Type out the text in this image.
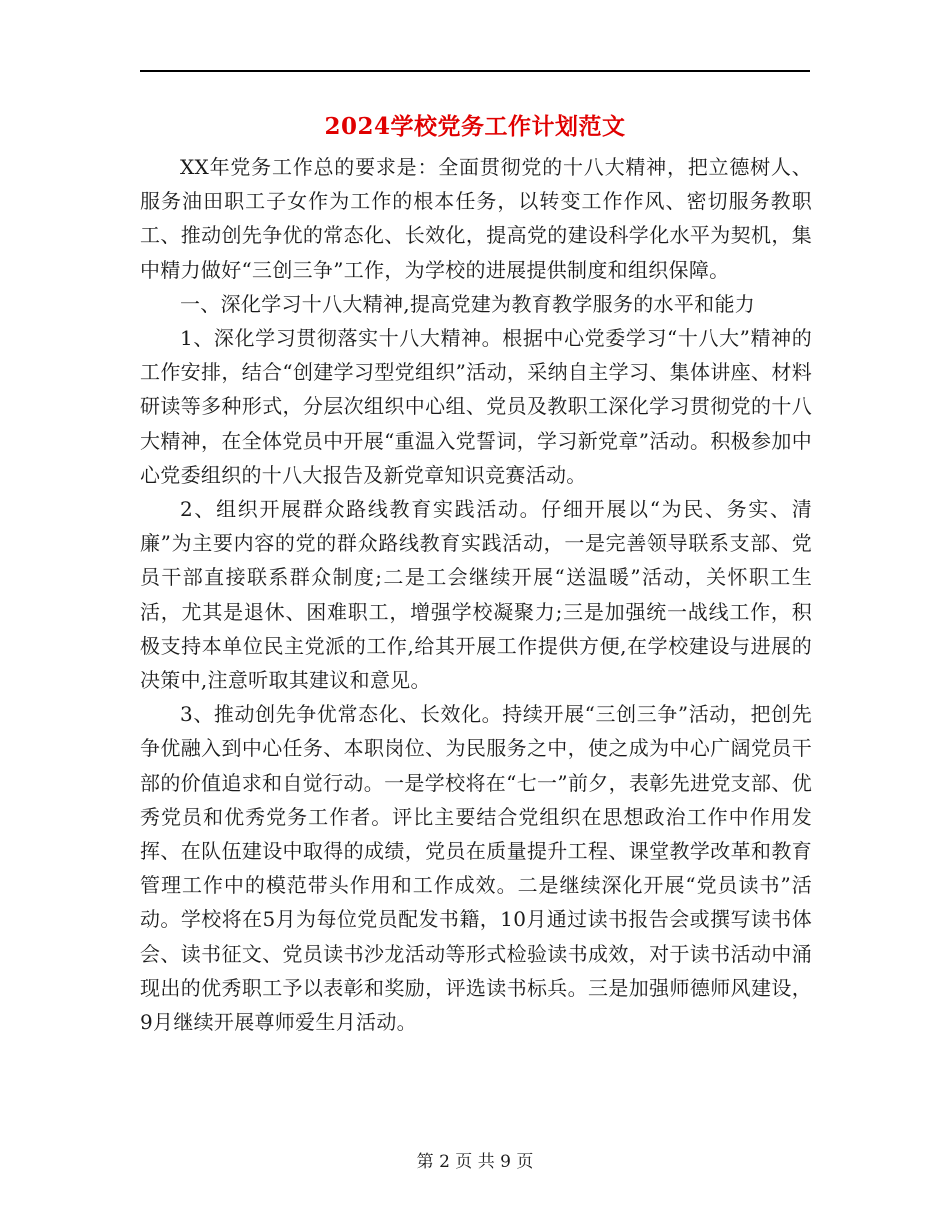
2024学校党务工作计划范文

XX年党务工作总的要求是：全面贯彻党的十八大精神，把立德树人、服务油田职工子女作为工作的根本任务，以转变工作作风、密切服务教职工、推动创先争优的常态化、长效化，提高党的建设科学化水平为契机，集中精力做好“三创三争”工作，为学校的进展提供制度和组织保障。

一、深化学习十八大精神,提高党建为教育教学服务的水平和能力

1、深化学习贯彻落实十八大精神。根据中心党委学习“十八大”精神的工作安排，结合“创建学习型党组织”活动，采纳自主学习、集体讲座、材料研读等多种形式，分层次组织中心组、党员及教职工深化学习贯彻党的十八大精神，在全体党员中开展“重温入党誓词，学习新党章”活动。积极参加中心党委组织的十八大报告及新党章知识竞赛活动。

2、组织开展群众路线教育实践活动。仔细开展以“为民、务实、清廉”为主要内容的党的群众路线教育实践活动，一是完善领导联系支部、党员干部直接联系群众制度;二是工会继续开展“送温暖”活动，关怀职工生活，尤其是退休、困难职工，增强学校凝聚力;三是加强统一战线工作，积极支持本单位民主党派的工作,给其开展工作提供方便,在学校建设与进展的决策中,注意听取其建议和意见。

3、推动创先争优常态化、长效化。持续开展“三创三争”活动，把创先争优融入到中心任务、本职岗位、为民服务之中，使之成为中心广阔党员干部的价值追求和自觉行动。一是学校将在“七一”前夕，表彰先进党支部、优秀党员和优秀党务工作者。评比主要结合党组织在思想政治工作中作用发挥、在队伍建设中取得的成绩，党员在质量提升工程、课堂教学改革和教育管理工作中的模范带头作用和工作成效。二是继续深化开展“党员读书”活动。学校将在5月为每位党员配发书籍，10月通过读书报告会或撰写读书体会、读书征文、党员读书沙龙活动等形式检验读书成效，对于读书活动中涌现出的优秀职工予以表彰和奖励，评选读书标兵。三是加强师德师风建设，9月继续开展尊师爱生月活动。

第 2 页 共 9 页
